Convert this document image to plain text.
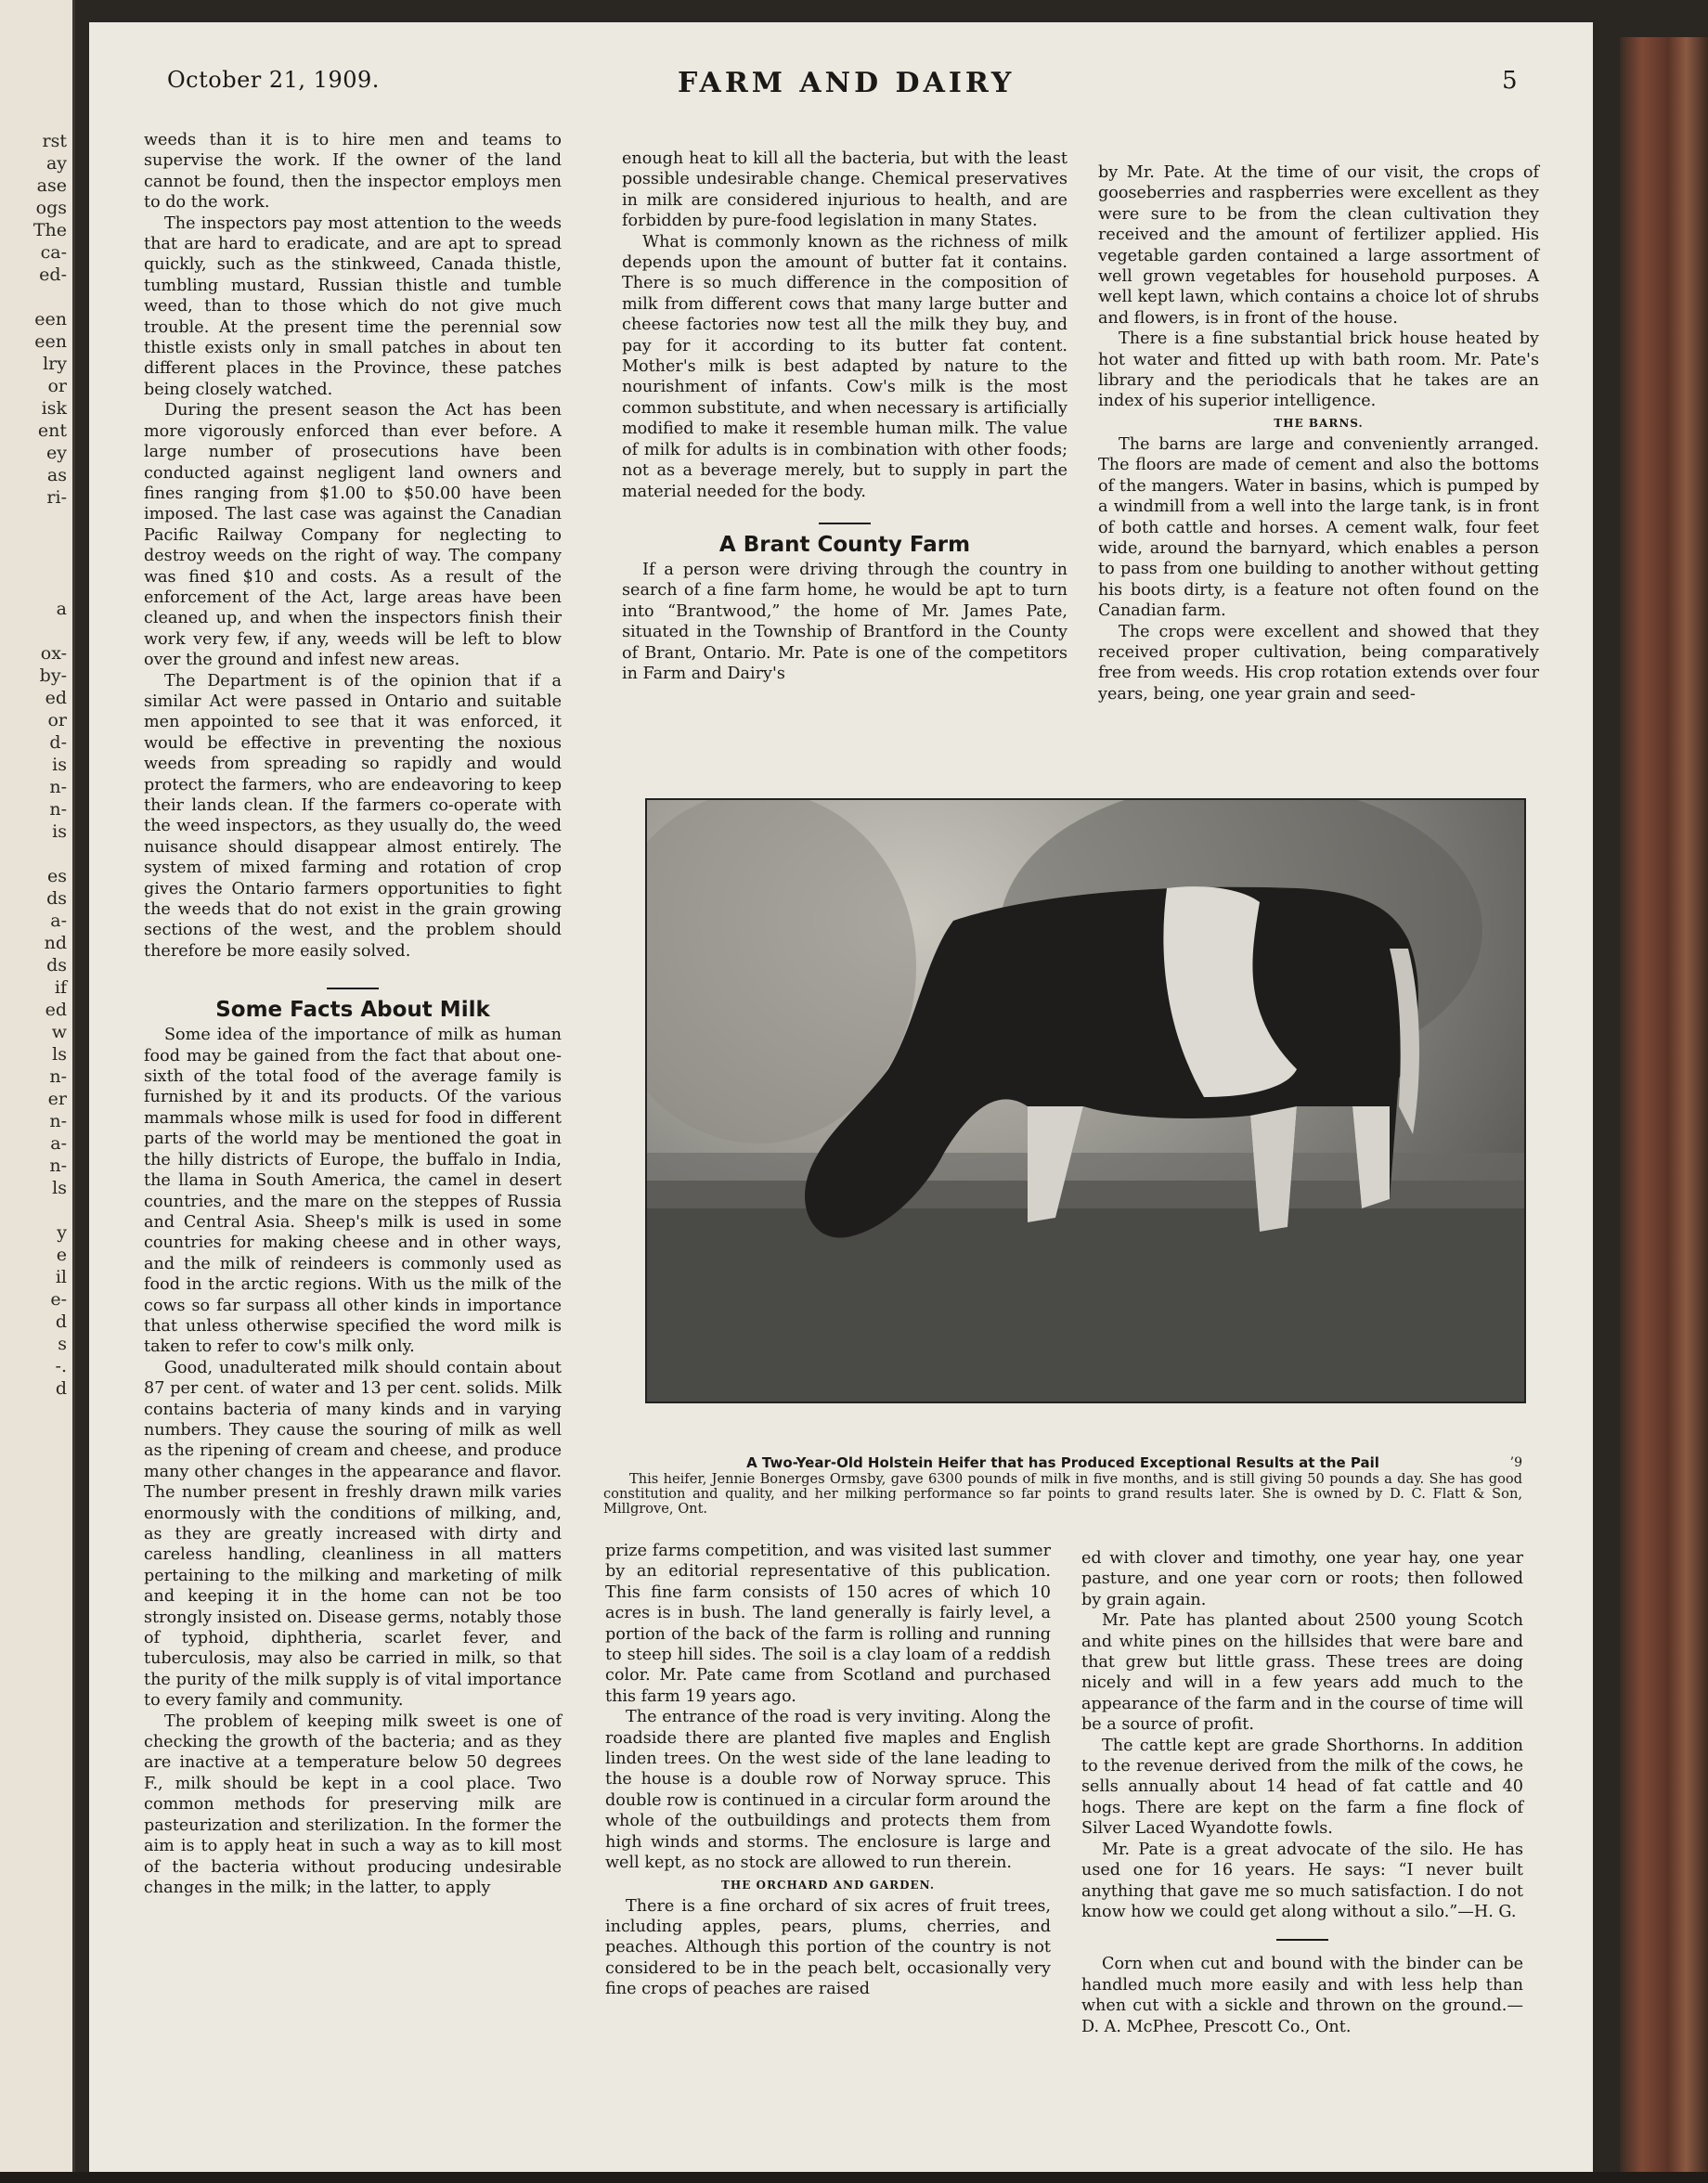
rst
ay
ase
ogs
The
ca-
ed-

een
een
lry
or
isk
ent
ey
as
ri-

a

ox-
by-
ed
or
d-
is
n-
n-
is

es
ds
a-
nd
ds
if
ed
w
ls
n-
er
n-
a-
n-
ls

y
e
il
e-
d
s
-.
d
October 21, 1909.	FARM AND DAIRY	5

weeds than it is to hire men and teams to supervise the work. If the owner of the land cannot be found, then the inspector employs men to do the work.

The inspectors pay most attention to the weeds that are hard to eradicate, and are apt to spread quickly, such as the stinkweed, Canada thistle, tumbling mustard, Russian thistle and tumble weed, than to those which do not give much trouble. At the present time the perennial sow thistle exists only in small patches in about ten different places in the Province, these patches being closely watched.

During the present season the Act has been more vigorously enforced than ever before. A large number of prosecutions have been conducted against negligent land owners and fines ranging from $1.00 to $50.00 have been imposed. The last case was against the Canadian Pacific Railway Company for neglecting to destroy weeds on the right of way. The company was fined $10 and costs. As a result of the enforcement of the Act, large areas have been cleaned up, and when the inspectors finish their work very few, if any, weeds will be left to blow over the ground and infest new areas.

The Department is of the opinion that if a similar Act were passed in Ontario and suitable men appointed to see that it was enforced, it would be effective in preventing the noxious weeds from spreading so rapidly and would protect the farmers, who are endeavoring to keep their lands clean. If the farmers co-operate with the weed inspectors, as they usually do, the weed nuisance should disappear almost entirely. The system of mixed farming and rotation of crop gives the Ontario farmers opportunities to fight the weeds that do not exist in the grain growing sections of the west, and the problem should therefore be more easily solved.

Some Facts About Milk

Some idea of the importance of milk as human food may be gained from the fact that about one-sixth of the total food of the average family is furnished by it and its products. Of the various mammals whose milk is used for food in different parts of the world may be mentioned the goat in the hilly districts of Europe, the buffalo in India, the llama in South America, the camel in desert countries, and the mare on the steppes of Russia and Central Asia. Sheep's milk is used in some countries for making cheese and in other ways, and the milk of reindeers is commonly used as food in the arctic regions. With us the milk of the cows so far surpass all other kinds in importance that unless otherwise specified the word milk is taken to refer to cow's milk only.

Good, unadulterated milk should contain about 87 per cent. of water and 13 per cent. solids. Milk contains bacteria of many kinds and in varying numbers. They cause the souring of milk as well as the ripening of cream and cheese, and produce many other changes in the appearance and flavor. The number present in freshly drawn milk varies enormously with the conditions of milking, and, as they are greatly increased with dirty and careless handling, cleanliness in all matters pertaining to the milking and marketing of milk and keeping it in the home can not be too strongly insisted on. Disease germs, notably those of typhoid, diphtheria, scarlet fever, and tuberculosis, may also be carried in milk, so that the purity of the milk supply is of vital importance to every family and community.

The problem of keeping milk sweet is one of checking the growth of the bacteria; and as they are inactive at a temperature below 50 degrees F., milk should be kept in a cool place. Two common methods for preserving milk are pasteurization and sterilization. In the former the aim is to apply heat in such a way as to kill most of the bacteria without producing undesirable changes in the milk; in the latter, to apply

enough heat to kill all the bacteria, but with the least possible undesirable change. Chemical preservatives in milk are considered injurious to health, and are forbidden by pure-food legislation in many States.

What is commonly known as the richness of milk depends upon the amount of butter fat it contains. There is so much difference in the composition of milk from different cows that many large butter and cheese factories now test all the milk they buy, and pay for it according to its butter fat content. Mother's milk is best adapted by nature to the nourishment of infants. Cow's milk is the most common substitute, and when necessary is artificially modified to make it resemble human milk. The value of milk for adults is in combination with other foods; not as a beverage merely, but to supply in part the material needed for the body.

A Brant County Farm

If a person were driving through the country in search of a fine farm home, he would be apt to turn into “Brantwood,” the home of Mr. James Pate, situated in the Township of Brantford in the County of Brant, Ontario. Mr. Pate is one of the competitors in Farm and Dairy's

by Mr. Pate. At the time of our visit, the crops of gooseberries and raspberries were excellent as they were sure to be from the clean cultivation they received and the amount of fertilizer applied. His vegetable garden contained a large assortment of well grown vegetables for household purposes. A well kept lawn, which contains a choice lot of shrubs and flowers, is in front of the house.

There is a fine substantial brick house heated by hot water and fitted up with bath room. Mr. Pate's library and the periodicals that he takes are an index of his superior intelligence.

THE BARNS.

The barns are large and conveniently arranged. The floors are made of cement and also the bottoms of the mangers. Water in basins, which is pumped by a windmill from a well into the large tank, is in front of both cattle and horses. A cement walk, four feet wide, around the barnyard, which enables a person to pass from one building to another without getting his boots dirty, is a feature not often found on the Canadian farm.

The crops were excellent and showed that they received proper cultivation, being comparatively free from weeds. His crop rotation extends over four years, being, one year grain and seed-

A Two-Year-Old Holstein Heifer that has Produced Exceptional Results at the Pail
This heifer, Jennie Bonerges Ormsby, gave 6300 pounds of milk in five months, and is still giving 50 pounds a day. She has good constitution and quality, and her milking performance so far points to grand results later. She is owned by D. C. Flatt & Son, Millgrove, Ont.
’9

prize farms competition, and was visited last summer by an editorial representative of this publication. This fine farm consists of 150 acres of which 10 acres is in bush. The land generally is fairly level, a portion of the back of the farm is rolling and running to steep hill sides. The soil is a clay loam of a reddish color. Mr. Pate came from Scotland and purchased this farm 19 years ago.

The entrance of the road is very inviting. Along the roadside there are planted five maples and English linden trees. On the west side of the lane leading to the house is a double row of Norway spruce. This double row is continued in a circular form around the whole of the outbuildings and protects them from high winds and storms. The enclosure is large and well kept, as no stock are allowed to run therein.

THE ORCHARD AND GARDEN.

There is a fine orchard of six acres of fruit trees, including apples, pears, plums, cherries, and peaches. Although this portion of the country is not considered to be in the peach belt, occasionally very fine crops of peaches are raised

ed with clover and timothy, one year hay, one year pasture, and one year corn or roots; then followed by grain again.

Mr. Pate has planted about 2500 young Scotch and white pines on the hillsides that were bare and that grew but little grass. These trees are doing nicely and will in a few years add much to the appearance of the farm and in the course of time will be a source of profit.

The cattle kept are grade Shorthorns. In addition to the revenue derived from the milk of the cows, he sells annually about 14 head of fat cattle and 40 hogs. There are kept on the farm a fine flock of Silver Laced Wyandotte fowls.

Mr. Pate is a great advocate of the silo. He has used one for 16 years. He says: “I never built anything that gave me so much satisfaction. I do not know how we could get along without a silo.”—H. G.

Corn when cut and bound with the binder can be handled much more easily and with less help than when cut with a sickle and thrown on the ground.—D. A. McPhee, Prescott Co., Ont.
